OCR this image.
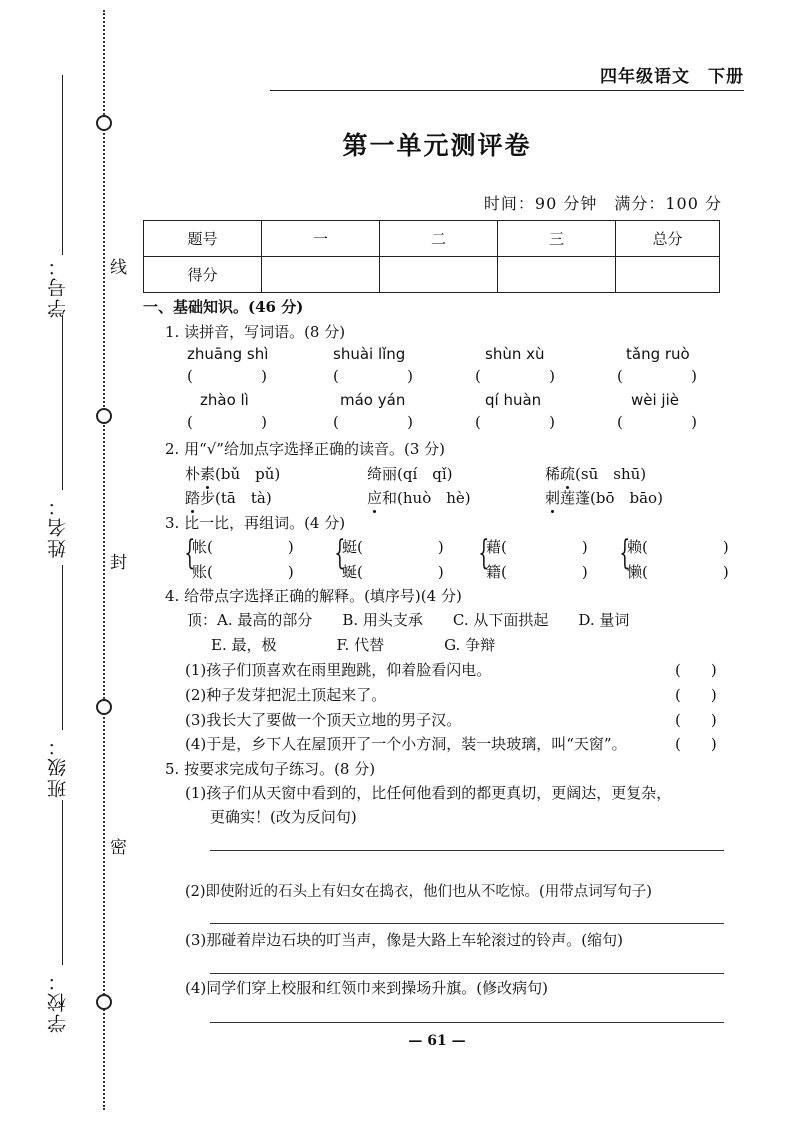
学号：
姓名：
班级：
学校：
线
封
密
四年级语文　下册
第一单元测评卷
时间：90 分钟　满分：100 分
题号	一	二	三	总分
得分				
一、基础知识。(46 分)
1. 读拼音，写词语。(8 分)
zhuāng shì	shuài lǐng	shùn xù	tǎng ruò
(	)	(	)	(	)	(	)
zhào lì	máo yán	qí huàn	wèi jiè
(	)	(	)	(	)	(	)
2. 用“√”给加点字选择正确的读音。(3 分)
朴素(bǔ　pǔ)	绮丽(qí　qǐ)	稀疏(sū　shū)
踏步(tā　tà)	应和(huò　hè)	刺莲蓬(bō　bāo)
3. 比一比，再组词。(4 分)
{
帐(　　　　　)
账(　　　　　) {
蜓(　　　　　)
蜒(　　　　　) {
藉(　　　　　)
籍(　　　　　) {
赖(　　　　　)
懒(　　　　　)
4. 给带点字选择正确的解释。(填序号)(4 分)
顶：A. 最高的部分　　B. 用头支承　　C. 从下面拱起　　D. 量词
E. 最，极　　　　F. 代替　　　　G. 争辩
(1)孩子们顶喜欢在雨里跑跳，仰着脸看闪电。	(　　)
(2)种子发芽把泥土顶起来了。	(　　)
(3)我长大了要做一个顶天立地的男子汉。	(　　)
(4)于是，乡下人在屋顶开了一个小方洞，装一块玻璃，叫“天窗”。	(　　)
5. 按要求完成句子练习。(8 分)
(1)孩子们从天窗中看到的，比任何他看到的都更真切，更阔达，更复杂，
更确实！(改为反问句)
(2)即使附近的石头上有妇女在捣衣，他们也从不吃惊。(用带点词写句子)
(3)那碰着岸边石块的叮当声，像是大路上车轮滚过的铃声。(缩句)
(4)同学们穿上校服和红领巾来到操场升旗。(修改病句)
— 61 —
